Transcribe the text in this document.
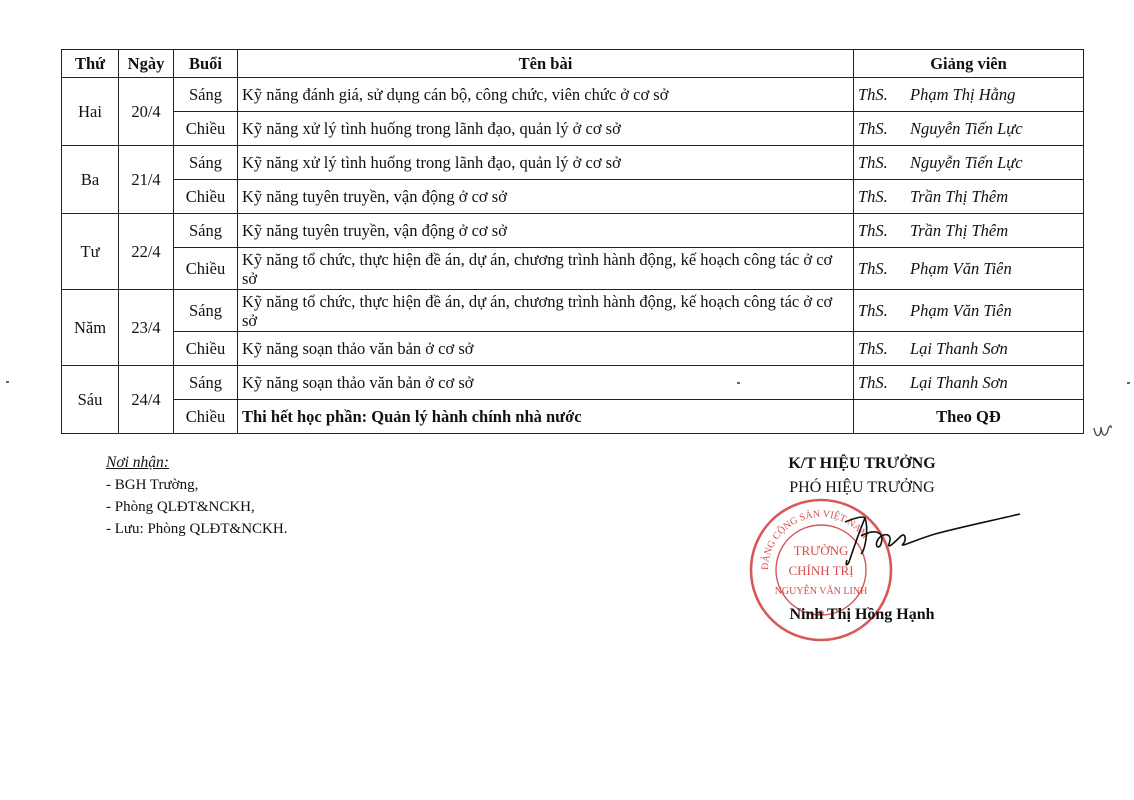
Thứ	Ngày	Buổi	Tên bài	Giảng viên
Hai	20/4	Sáng	Kỹ năng đánh giá, sử dụng cán bộ, công chức, viên chức ở cơ sở	ThS. Phạm Thị Hằng
		Chiều	Kỹ năng xử lý tình huống trong lãnh đạo, quản lý ở cơ sở	ThS. Nguyễn Tiến Lực
Ba	21/4	Sáng	Kỹ năng xử lý tình huống trong lãnh đạo, quản lý ở cơ sở	ThS. Nguyễn Tiến Lực
		Chiều	Kỹ năng tuyên truyền, vận động ở cơ sở	ThS. Trần Thị Thêm
Tư	22/4	Sáng	Kỹ năng tuyên truyền, vận động ở cơ sở	ThS. Trần Thị Thêm
		Chiều	Kỹ năng tổ chức, thực hiện đề án, dự án, chương trình hành động, kế hoạch công tác ở cơ sở	ThS. Phạm Văn Tiên
Năm	23/4	Sáng	Kỹ năng tổ chức, thực hiện đề án, dự án, chương trình hành động, kế hoạch công tác ở cơ sở	ThS. Phạm Văn Tiên
		Chiều	Kỹ năng soạn thảo văn bản ở cơ sở	ThS. Lại Thanh Sơn
Sáu	24/4	Sáng	Kỹ năng soạn thảo văn bản ở cơ sở	ThS. Lại Thanh Sơn
		Chiều	Thi hết học phần: Quản lý hành chính nhà nước	Theo QĐ
Nơi nhận:
- BGH Trường,
- Phòng QLĐT&NCKH,
- Lưu: Phòng QLĐT&NCKH.
K/T HIỆU TRƯỞNG
PHÓ HIỆU TRƯỞNG
ĐẢNG CỘNG SẢN VIỆT NAM
TRƯỜNG
CHÍNH TRỊ
NGUYỄN VĂN LINH
Ninh Thị Hồng Hạnh
